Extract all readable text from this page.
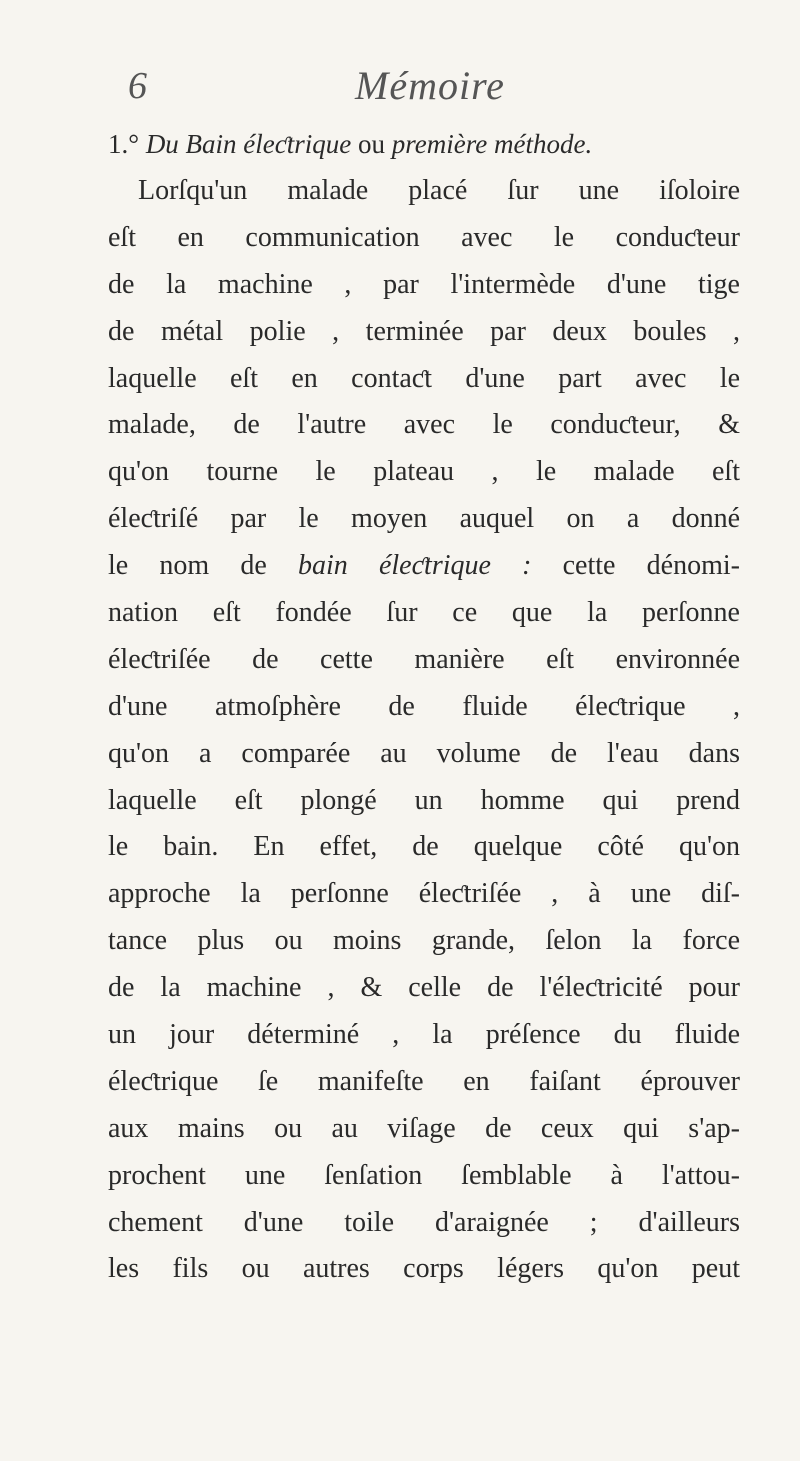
6	Mémoire
1.° Du Bain éleƈtrique ou première méthode.
Lorſqu'un malade placé ſur une iſoloire
eſt en communication avec le conduƈteur
de la machine , par l'intermède d'une tige
de métal polie , terminée par deux boules ,
laquelle eſt en contaƈt d'une part avec le
malade, de l'autre avec le conduƈteur, &
qu'on tourne le plateau , le malade eſt
éleƈtriſé par le moyen auquel on a donné
le nom de bain éleƈtrique : cette dénomi-
nation eſt fondée ſur ce que la perſonne
éleƈtriſée de cette manière eſt environnée
d'une atmoſphère de fluide éleƈtrique ,
qu'on a comparée au volume de l'eau dans
laquelle eſt plongé un homme qui prend
le bain. En effet, de quelque côté qu'on
approche la perſonne éleƈtriſée , à une diſ-
tance plus ou moins grande, ſelon la force
de la machine , & celle de l'éleƈtricité pour
un jour déterminé , la préſence du fluide
éleƈtrique ſe manifeſte en faiſant éprouver
aux mains ou au viſage de ceux qui s'ap-
prochent une ſenſation ſemblable à l'attou-
chement d'une toile d'araignée ; d'ailleurs
les fils ou autres corps légers qu'on peut
